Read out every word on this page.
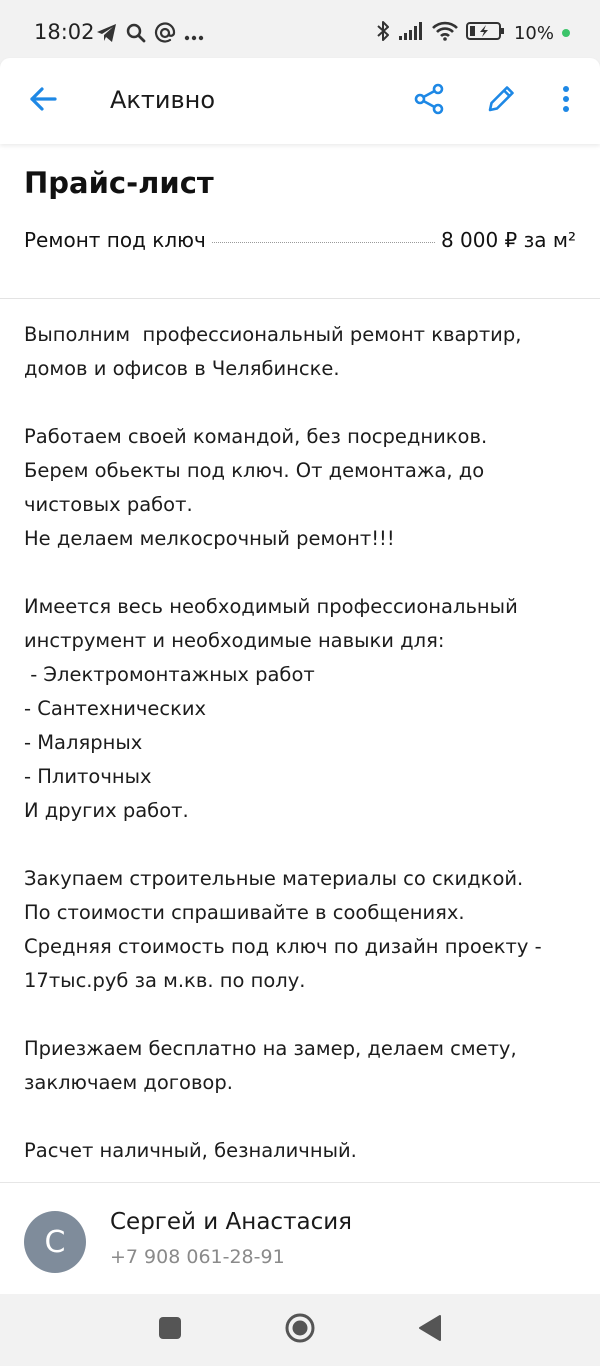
18:02	10%
Активно
Прайс-лист
Ремонт под ключ	8 000 ₽ за м²
Выполним  профессиональный ремонт квартир,
домов и офисов в Челябинске.
Работаем своей командой, без посредников.
Берем обьекты под ключ. От демонтажа, до
чистовых работ.
Не делаем мелкосрочный ремонт!!!
Имеется весь необходимый профессиональный
инструмент и необходимые навыки для:
- Электромонтажных работ
- Сантехнических
- Малярных
- Плиточных
И других работ.
Закупаем строительные материалы со скидкой.
По стоимости спрашивайте в сообщениях.
Средняя стоимость под ключ по дизайн проекту -
17тыс.руб за м.кв. по полу.
Приезжаем бесплатно на замер, делаем смету,
заключаем договор.
Расчет наличный, безналичный.
С
Сергей и Анастасия
+7 908 061-28-91
